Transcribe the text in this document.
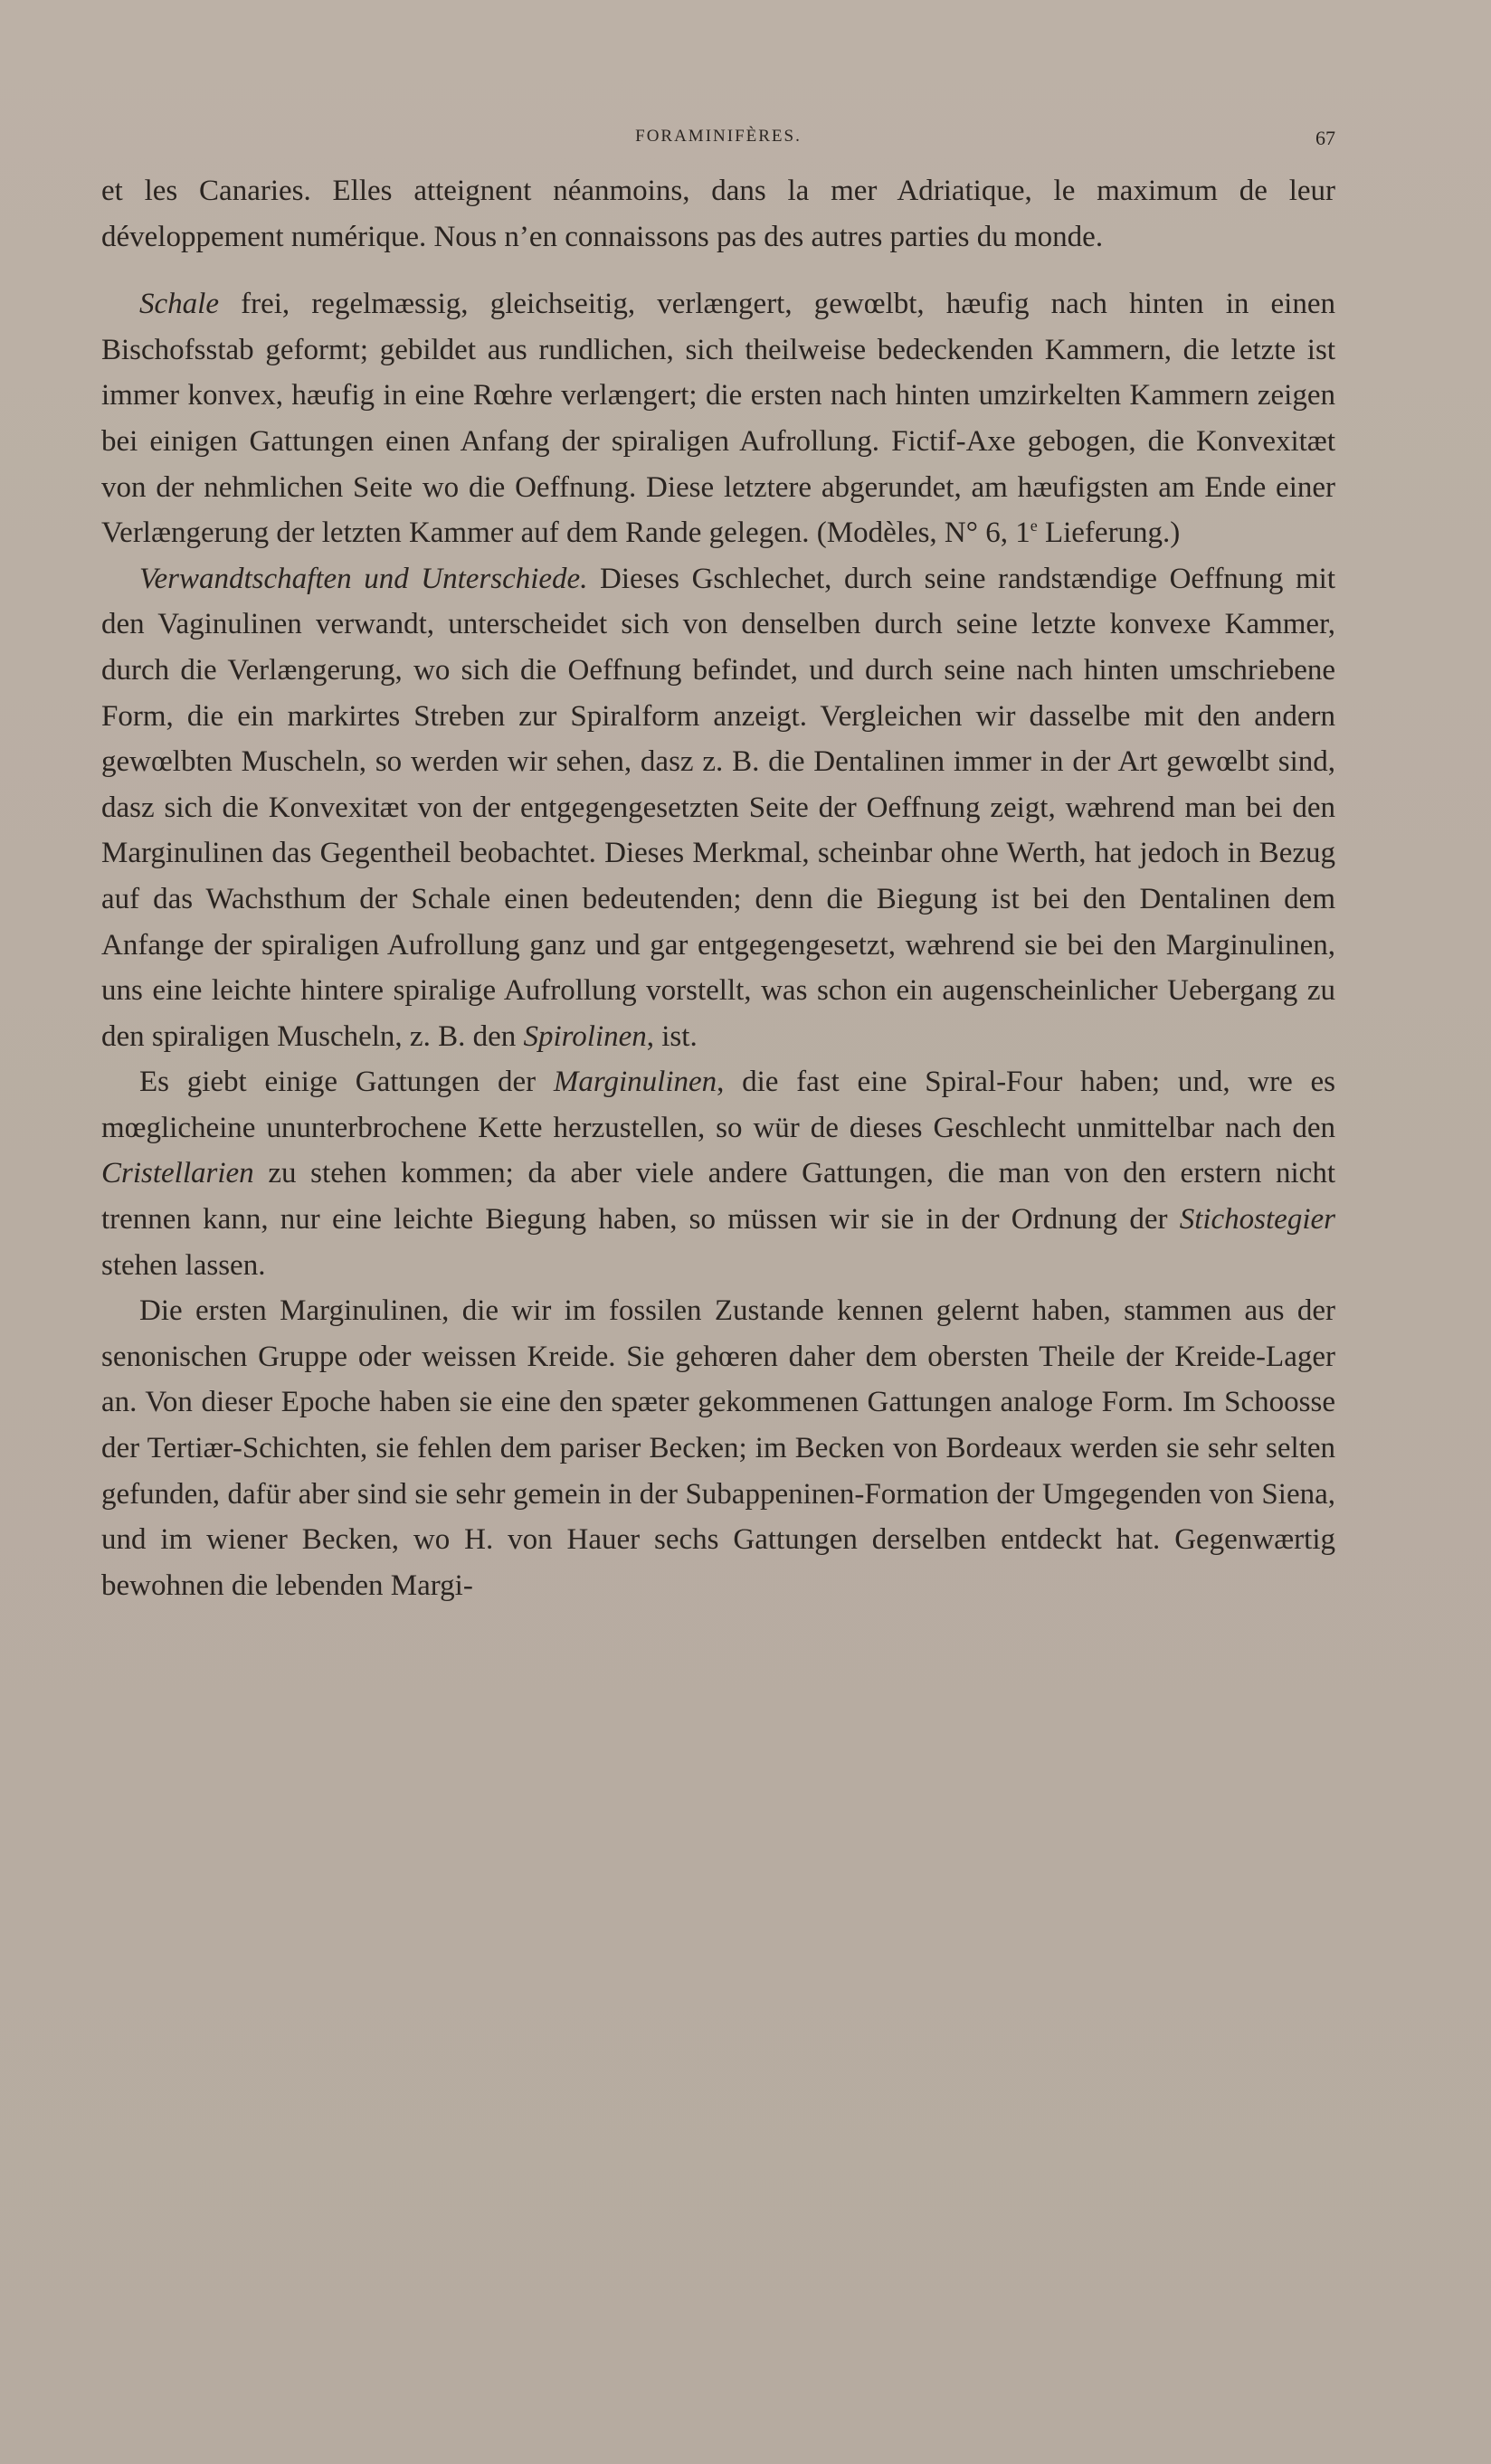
FORAMINIFÈRES.	67

et les Canaries. Elles atteignent néanmoins, dans la mer Adriatique, le maximum de leur développement numérique. Nous n’en connaissons pas des autres parties du monde.

Schale frei, regelmæssig, gleichseitig, verlængert, gewœlbt, hæufig nach hinten in einen Bischofsstab geformt; gebildet aus rundlichen, sich theilweise bedeckenden Kammern, die letzte ist immer konvex, hæufig in eine Rœhre verlængert; die ersten nach hinten umzirkelten Kammern zeigen bei einigen Gattungen einen Anfang der spiraligen Aufrollung. Fictif-Axe gebogen, die Konvexitæt von der nehmlichen Seite wo die Oeffnung. Diese letztere abgerundet, am hæufigsten am Ende einer Verlængerung der letzten Kammer auf dem Rande gelegen. (Modèles, N° 6, 1e Lieferung.)

Verwandtschaften und Unterschiede. Dieses Gschlechet, durch seine randstændige Oeffnung mit den Vaginulinen verwandt, unterscheidet sich von denselben durch seine letzte konvexe Kammer, durch die Verlængerung, wo sich die Oeffnung befindet, und durch seine nach hinten umschriebene Form, die ein markirtes Streben zur Spiralform anzeigt. Vergleichen wir dasselbe mit den andern gewœlbten Muscheln, so werden wir sehen, dasz z. B. die Dentalinen immer in der Art gewœlbt sind, dasz sich die Konvexitæt von der entgegengesetzten Seite der Oeffnung zeigt, wæhrend man bei den Marginulinen das Gegentheil beobachtet. Dieses Merkmal, scheinbar ohne Werth, hat jedoch in Bezug auf das Wachsthum der Schale einen bedeutenden; denn die Biegung ist bei den Dentalinen dem Anfange der spiraligen Aufrollung ganz und gar entgegengesetzt, wæhrend sie bei den Marginulinen, uns eine leichte hintere spiralige Aufrollung vorstellt, was schon ein augenscheinlicher Uebergang zu den spiraligen Muscheln, z. B. den Spirolinen, ist.

Es giebt einige Gattungen der Marginulinen, die fast eine Spiral-Four haben; und, wre es mœglicheine ununterbrochene Kette herzustellen, so wür de dieses Geschlecht unmittelbar nach den Cristellarien zu stehen kommen; da aber viele andere Gattungen, die man von den erstern nicht trennen kann, nur eine leichte Biegung haben, so müssen wir sie in der Ordnung der Stichostegier stehen lassen.

Die ersten Marginulinen, die wir im fossilen Zustande kennen gelernt haben, stammen aus der senonischen Gruppe oder weissen Kreide. Sie gehœren daher dem obersten Theile der Kreide-Lager an. Von dieser Epoche haben sie eine den spæter gekommenen Gattungen analoge Form. Im Schoosse der Tertiær-Schichten, sie fehlen dem pariser Becken; im Becken von Bordeaux werden sie sehr selten gefunden, dafür aber sind sie sehr gemein in der Subappeninen-Formation der Umgegenden von Siena, und im wiener Becken, wo H. von Hauer sechs Gattungen derselben entdeckt hat. Gegenwærtig bewohnen die lebenden Margi-
